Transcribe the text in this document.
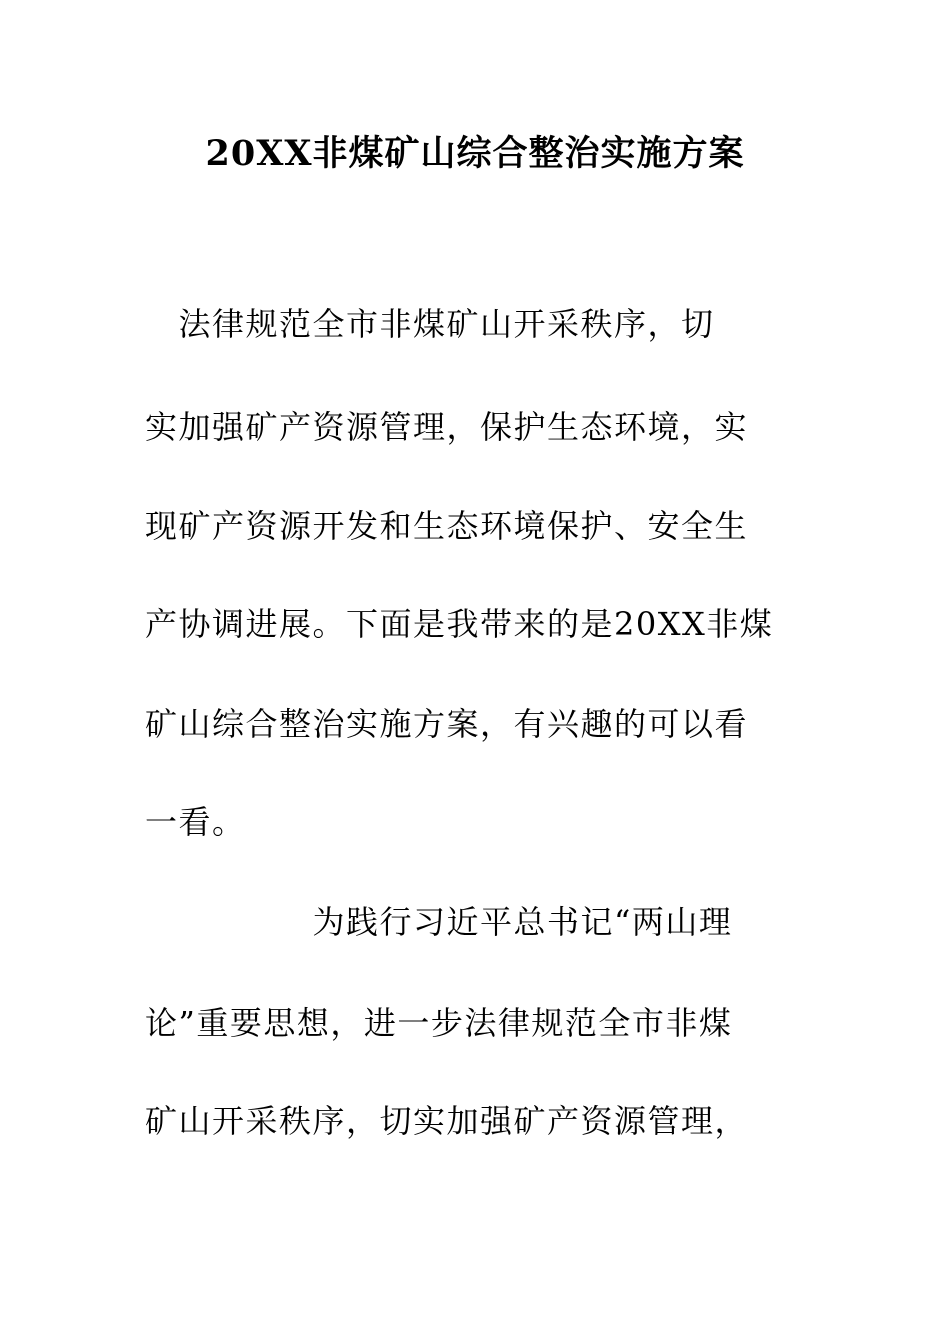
20XX非煤矿山综合整治实施方案
　法律规范全市非煤矿山开采秩序，切
实加强矿产资源管理，保护生态环境，实
现矿产资源开发和生态环境保护、安全生
产协调进展。下面是我带来的是20XX非煤
矿山综合整治实施方案，有兴趣的可以看
一看。
　　　　　为践行习近平总书记“两山理
论”重要思想，进一步法律规范全市非煤
矿山开采秩序，切实加强矿产资源管理，
